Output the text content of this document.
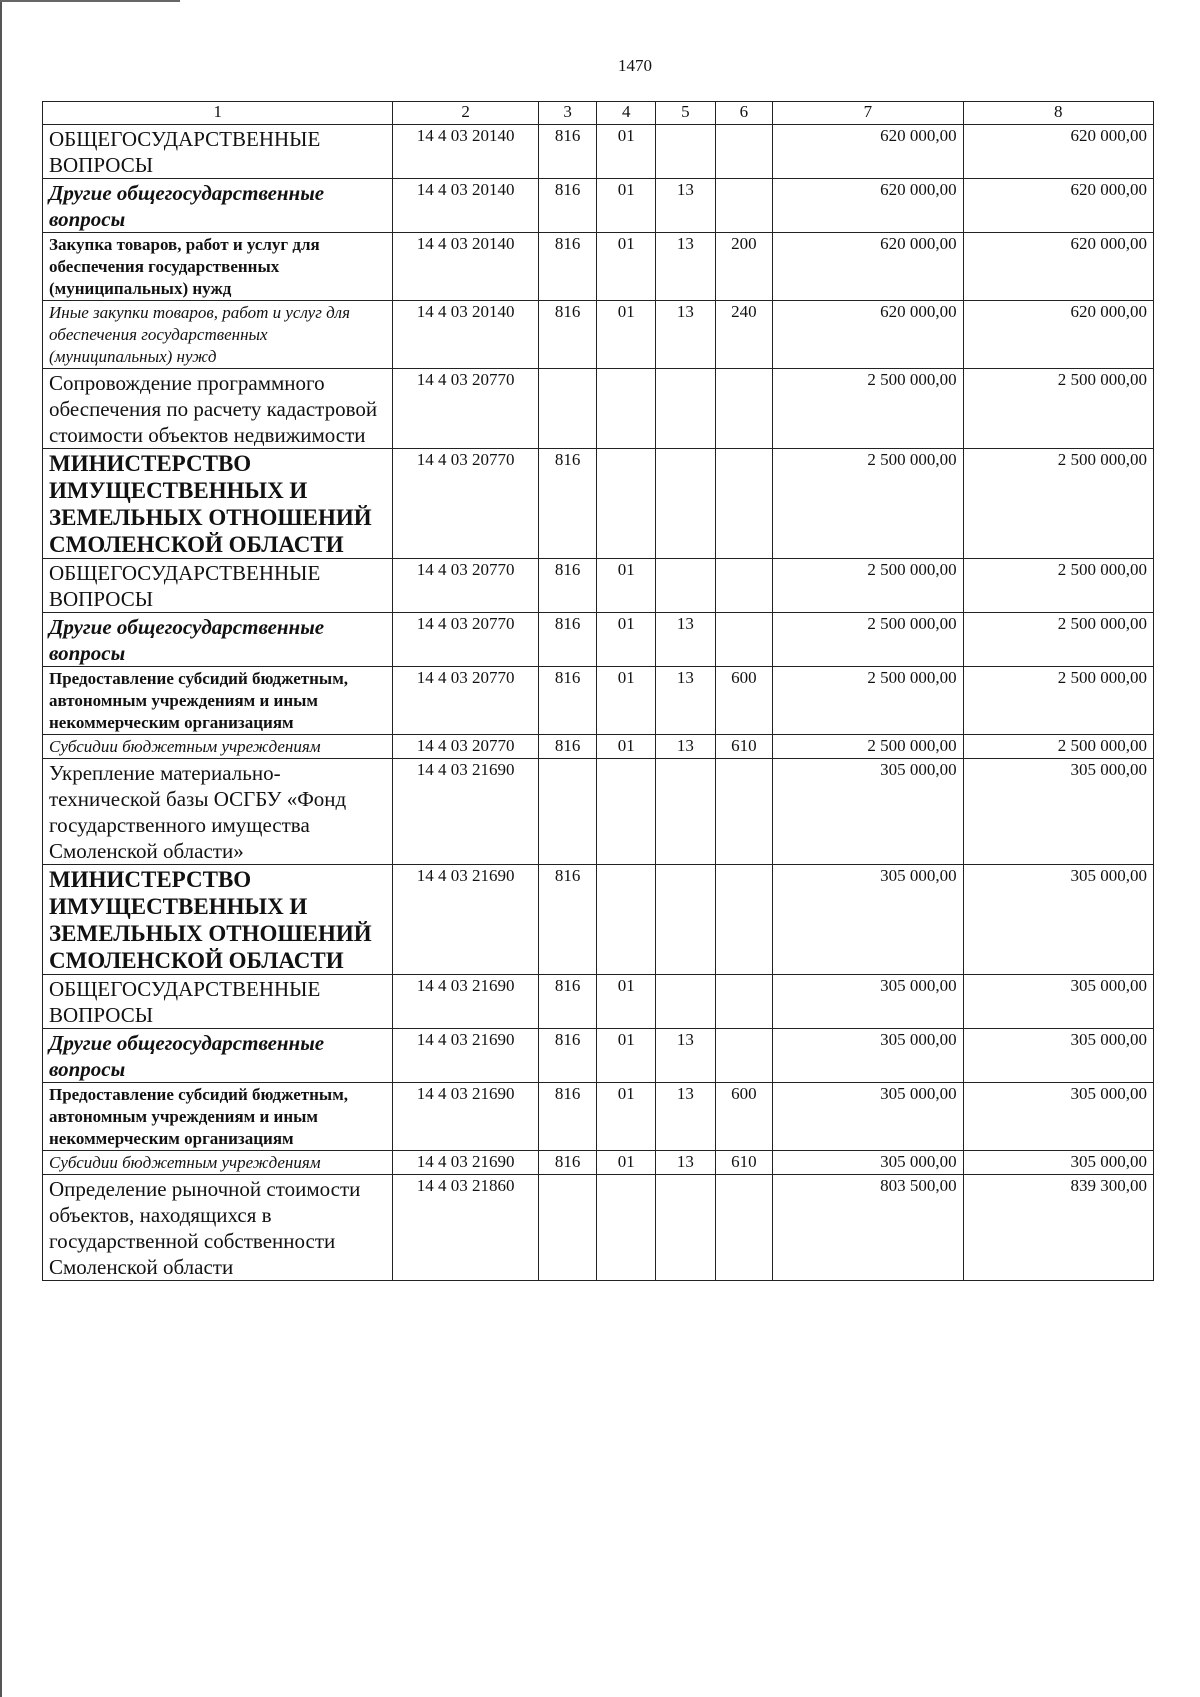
1470
1	2	3	4	5	6	7	8
ОБЩЕГОСУДАРСТВЕННЫЕ ВОПРОСЫ	14 4 03 20140	816	01			620 000,00	620 000,00
Другие общегосударственные вопросы	14 4 03 20140	816	01	13		620 000,00	620 000,00
Закупка товаров, работ и услуг для обеспечения государственных (муниципальных) нужд	14 4 03 20140	816	01	13	200	620 000,00	620 000,00
Иные закупки товаров, работ и услуг для обеспечения государственных (муниципальных) нужд	14 4 03 20140	816	01	13	240	620 000,00	620 000,00
Сопровождение программного обеспечения по расчету кадастровой стоимости объектов недвижимости	14 4 03 20770					2 500 000,00	2 500 000,00
МИНИСТЕРСТВО ИМУЩЕСТВЕННЫХ И ЗЕМЕЛЬНЫХ ОТНОШЕНИЙ СМОЛЕНСКОЙ ОБЛАСТИ	14 4 03 20770	816				2 500 000,00	2 500 000,00
ОБЩЕГОСУДАРСТВЕННЫЕ ВОПРОСЫ	14 4 03 20770	816	01			2 500 000,00	2 500 000,00
Другие общегосударственные вопросы	14 4 03 20770	816	01	13		2 500 000,00	2 500 000,00
Предоставление субсидий бюджетным, автономным учреждениям и иным некоммерческим организациям	14 4 03 20770	816	01	13	600	2 500 000,00	2 500 000,00
Субсидии бюджетным учреждениям	14 4 03 20770	816	01	13	610	2 500 000,00	2 500 000,00
Укрепление материально-технической базы ОСГБУ «Фонд государственного имущества Смоленской области»	14 4 03 21690					305 000,00	305 000,00
МИНИСТЕРСТВО ИМУЩЕСТВЕННЫХ И ЗЕМЕЛЬНЫХ ОТНОШЕНИЙ СМОЛЕНСКОЙ ОБЛАСТИ	14 4 03 21690	816				305 000,00	305 000,00
ОБЩЕГОСУДАРСТВЕННЫЕ ВОПРОСЫ	14 4 03 21690	816	01			305 000,00	305 000,00
Другие общегосударственные вопросы	14 4 03 21690	816	01	13		305 000,00	305 000,00
Предоставление субсидий бюджетным, автономным учреждениям и иным некоммерческим организациям	14 4 03 21690	816	01	13	600	305 000,00	305 000,00
Субсидии бюджетным учреждениям	14 4 03 21690	816	01	13	610	305 000,00	305 000,00
Определение рыночной стоимости объектов, находящихся в государственной собственности Смоленской области	14 4 03 21860					803 500,00	839 300,00
